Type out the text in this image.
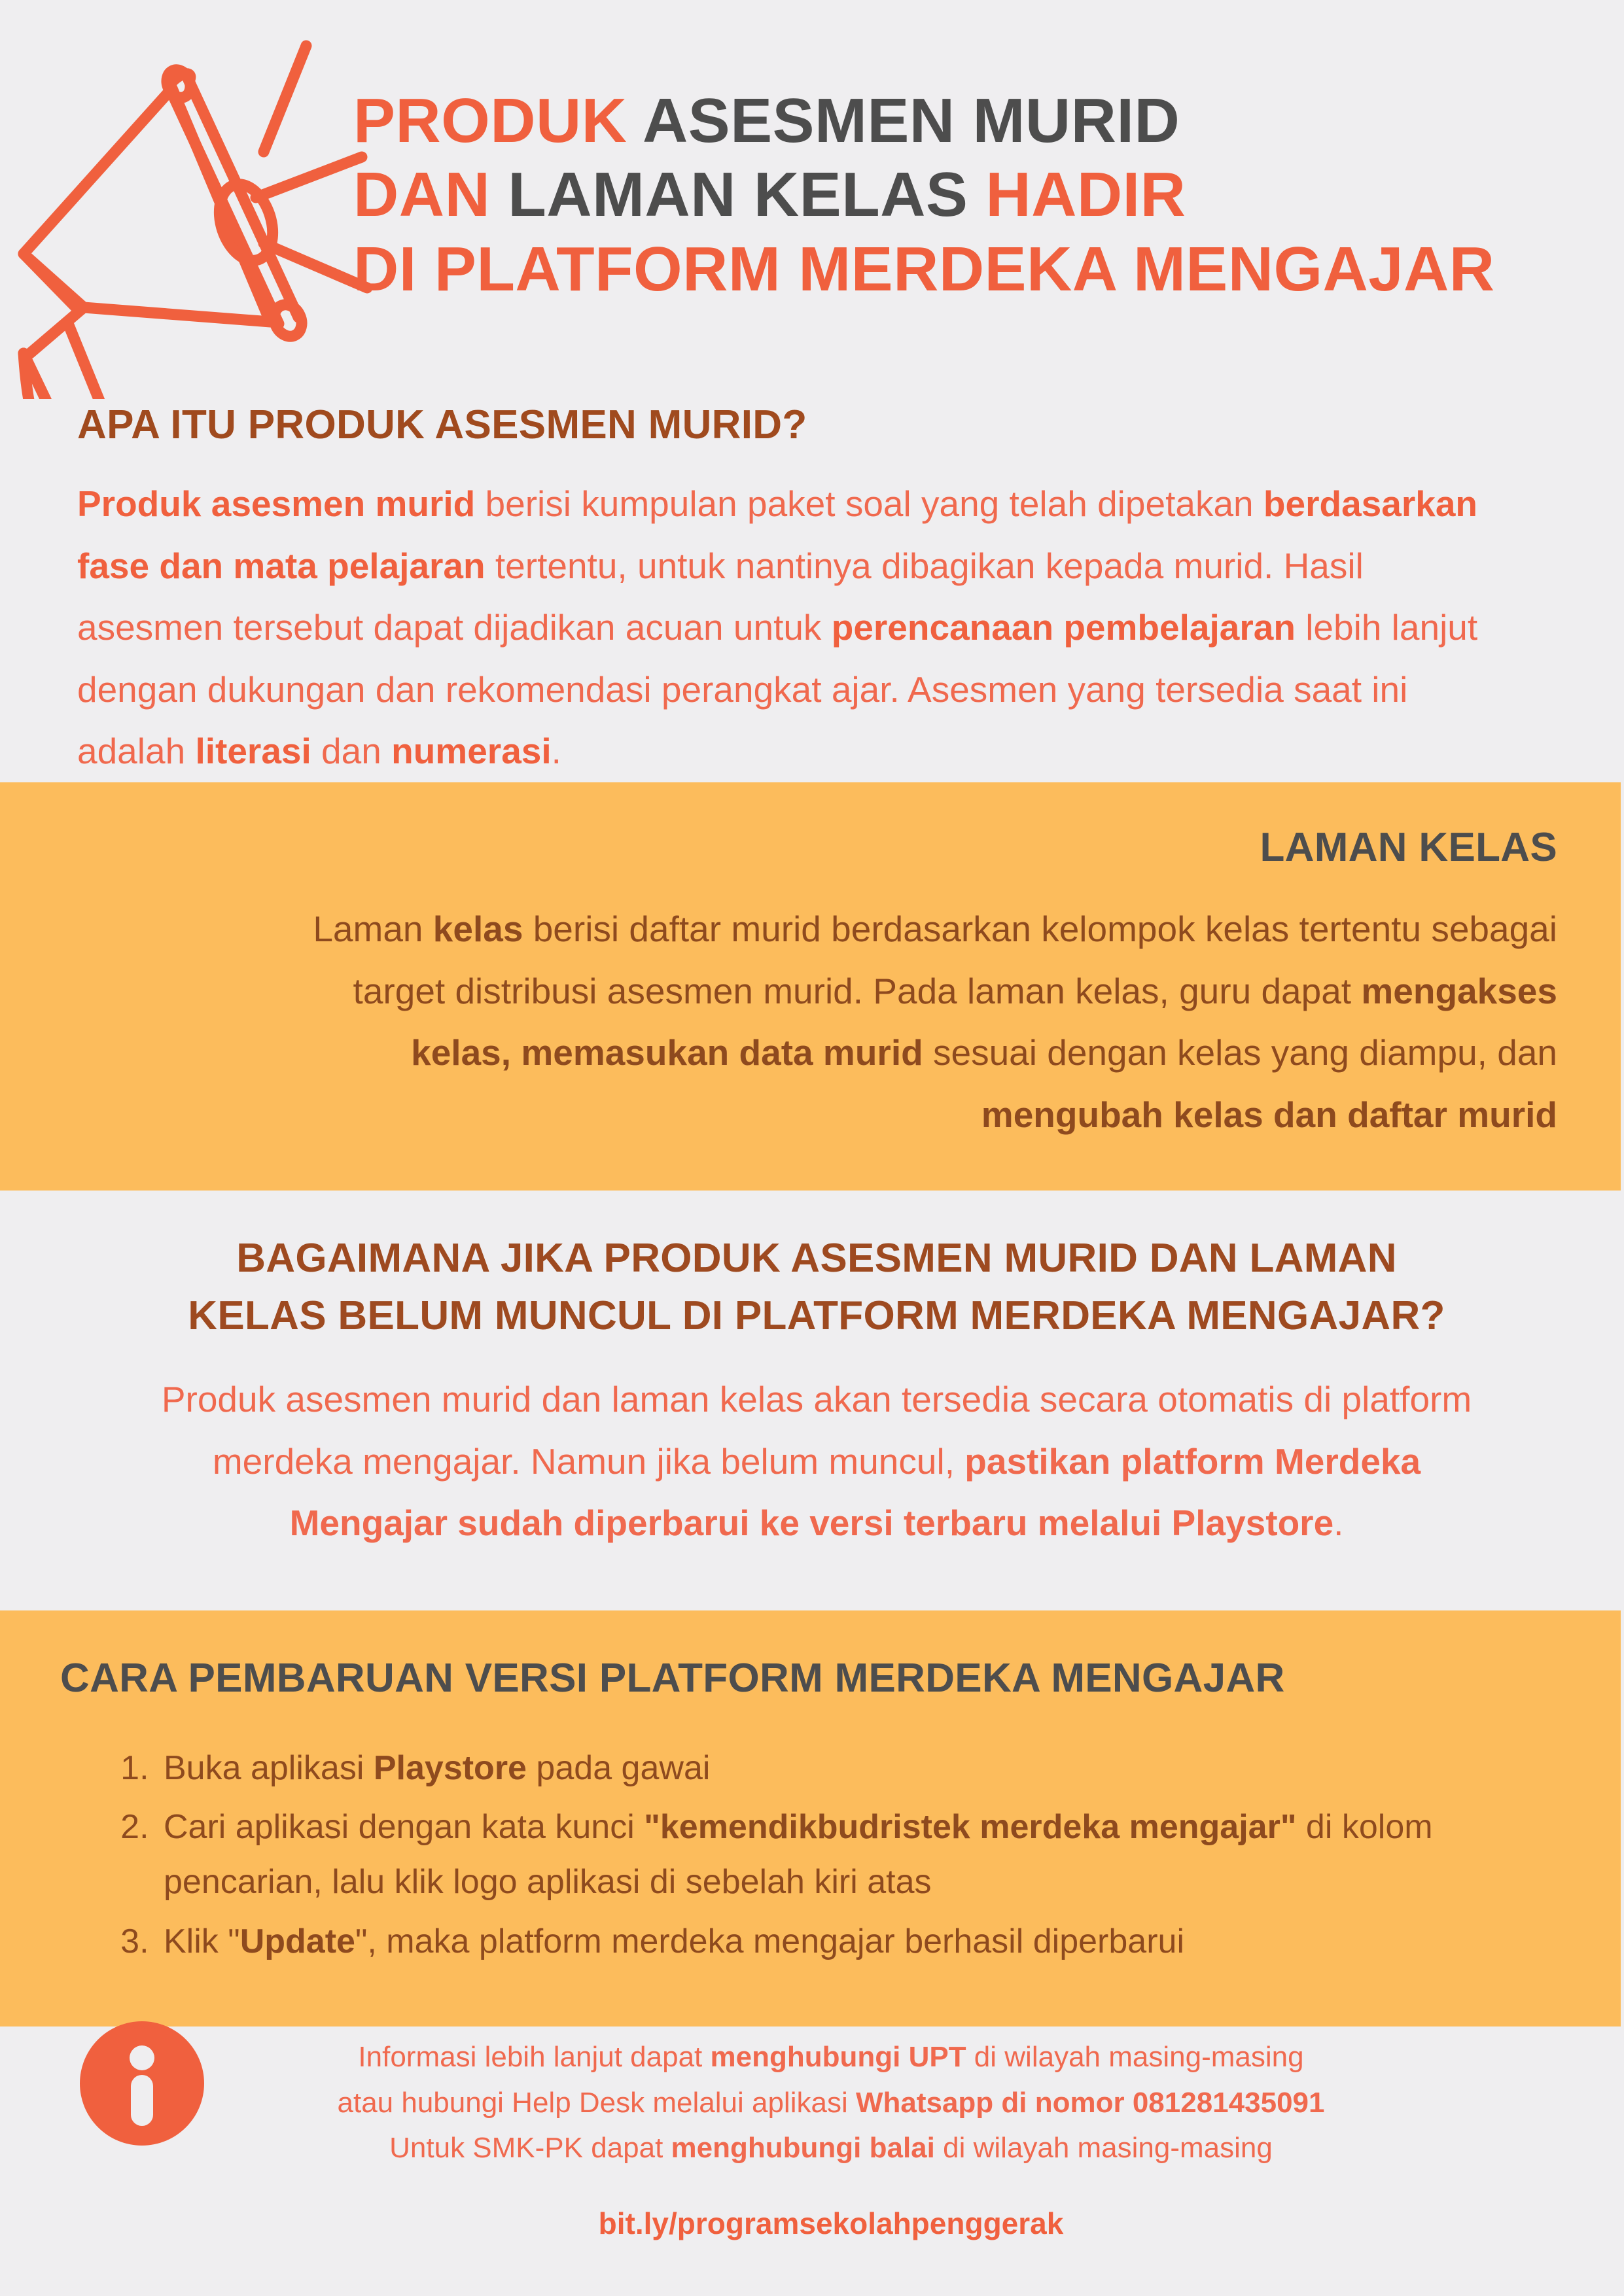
PRODUK ASESMEN MURID
DAN LAMAN KELAS HADIR
DI PLATFORM MERDEKA MENGAJAR
APA ITU PRODUK ASESMEN MURID?
Produk asesmen murid berisi kumpulan paket soal yang telah dipetakan berdasarkan fase dan mata pelajaran tertentu, untuk nantinya dibagikan kepada murid. Hasil asesmen tersebut dapat dijadikan acuan untuk perencanaan pembelajaran lebih lanjut dengan dukungan dan rekomendasi perangkat ajar. Asesmen yang tersedia saat ini adalah literasi dan numerasi.
LAMAN KELAS
Laman kelas berisi daftar murid berdasarkan kelompok kelas tertentu sebagai target distribusi asesmen murid. Pada laman kelas, guru dapat mengakses kelas, memasukan data murid sesuai dengan kelas yang diampu, dan mengubah kelas dan daftar murid
BAGAIMANA JIKA PRODUK ASESMEN MURID DAN LAMAN
KELAS BELUM MUNCUL DI PLATFORM MERDEKA MENGAJAR?
Produk asesmen murid dan laman kelas akan tersedia secara otomatis di platform merdeka mengajar. Namun jika belum muncul, pastikan platform Merdeka Mengajar sudah diperbarui ke versi terbaru melalui Playstore.
CARA PEMBARUAN VERSI PLATFORM MERDEKA MENGAJAR
1. Buka aplikasi Playstore pada gawai
2. Cari aplikasi dengan kata kunci "kemendikbudristek merdeka mengajar" di kolom pencarian, lalu klik logo aplikasi di sebelah kiri atas
3. Klik "Update", maka platform merdeka mengajar berhasil diperbarui
Informasi lebih lanjut dapat menghubungi UPT di wilayah masing-masing
atau hubungi Help Desk melalui aplikasi Whatsapp di nomor 081281435091
Untuk SMK-PK dapat menghubungi balai di wilayah masing-masing
bit.ly/programsekolahpenggerak
